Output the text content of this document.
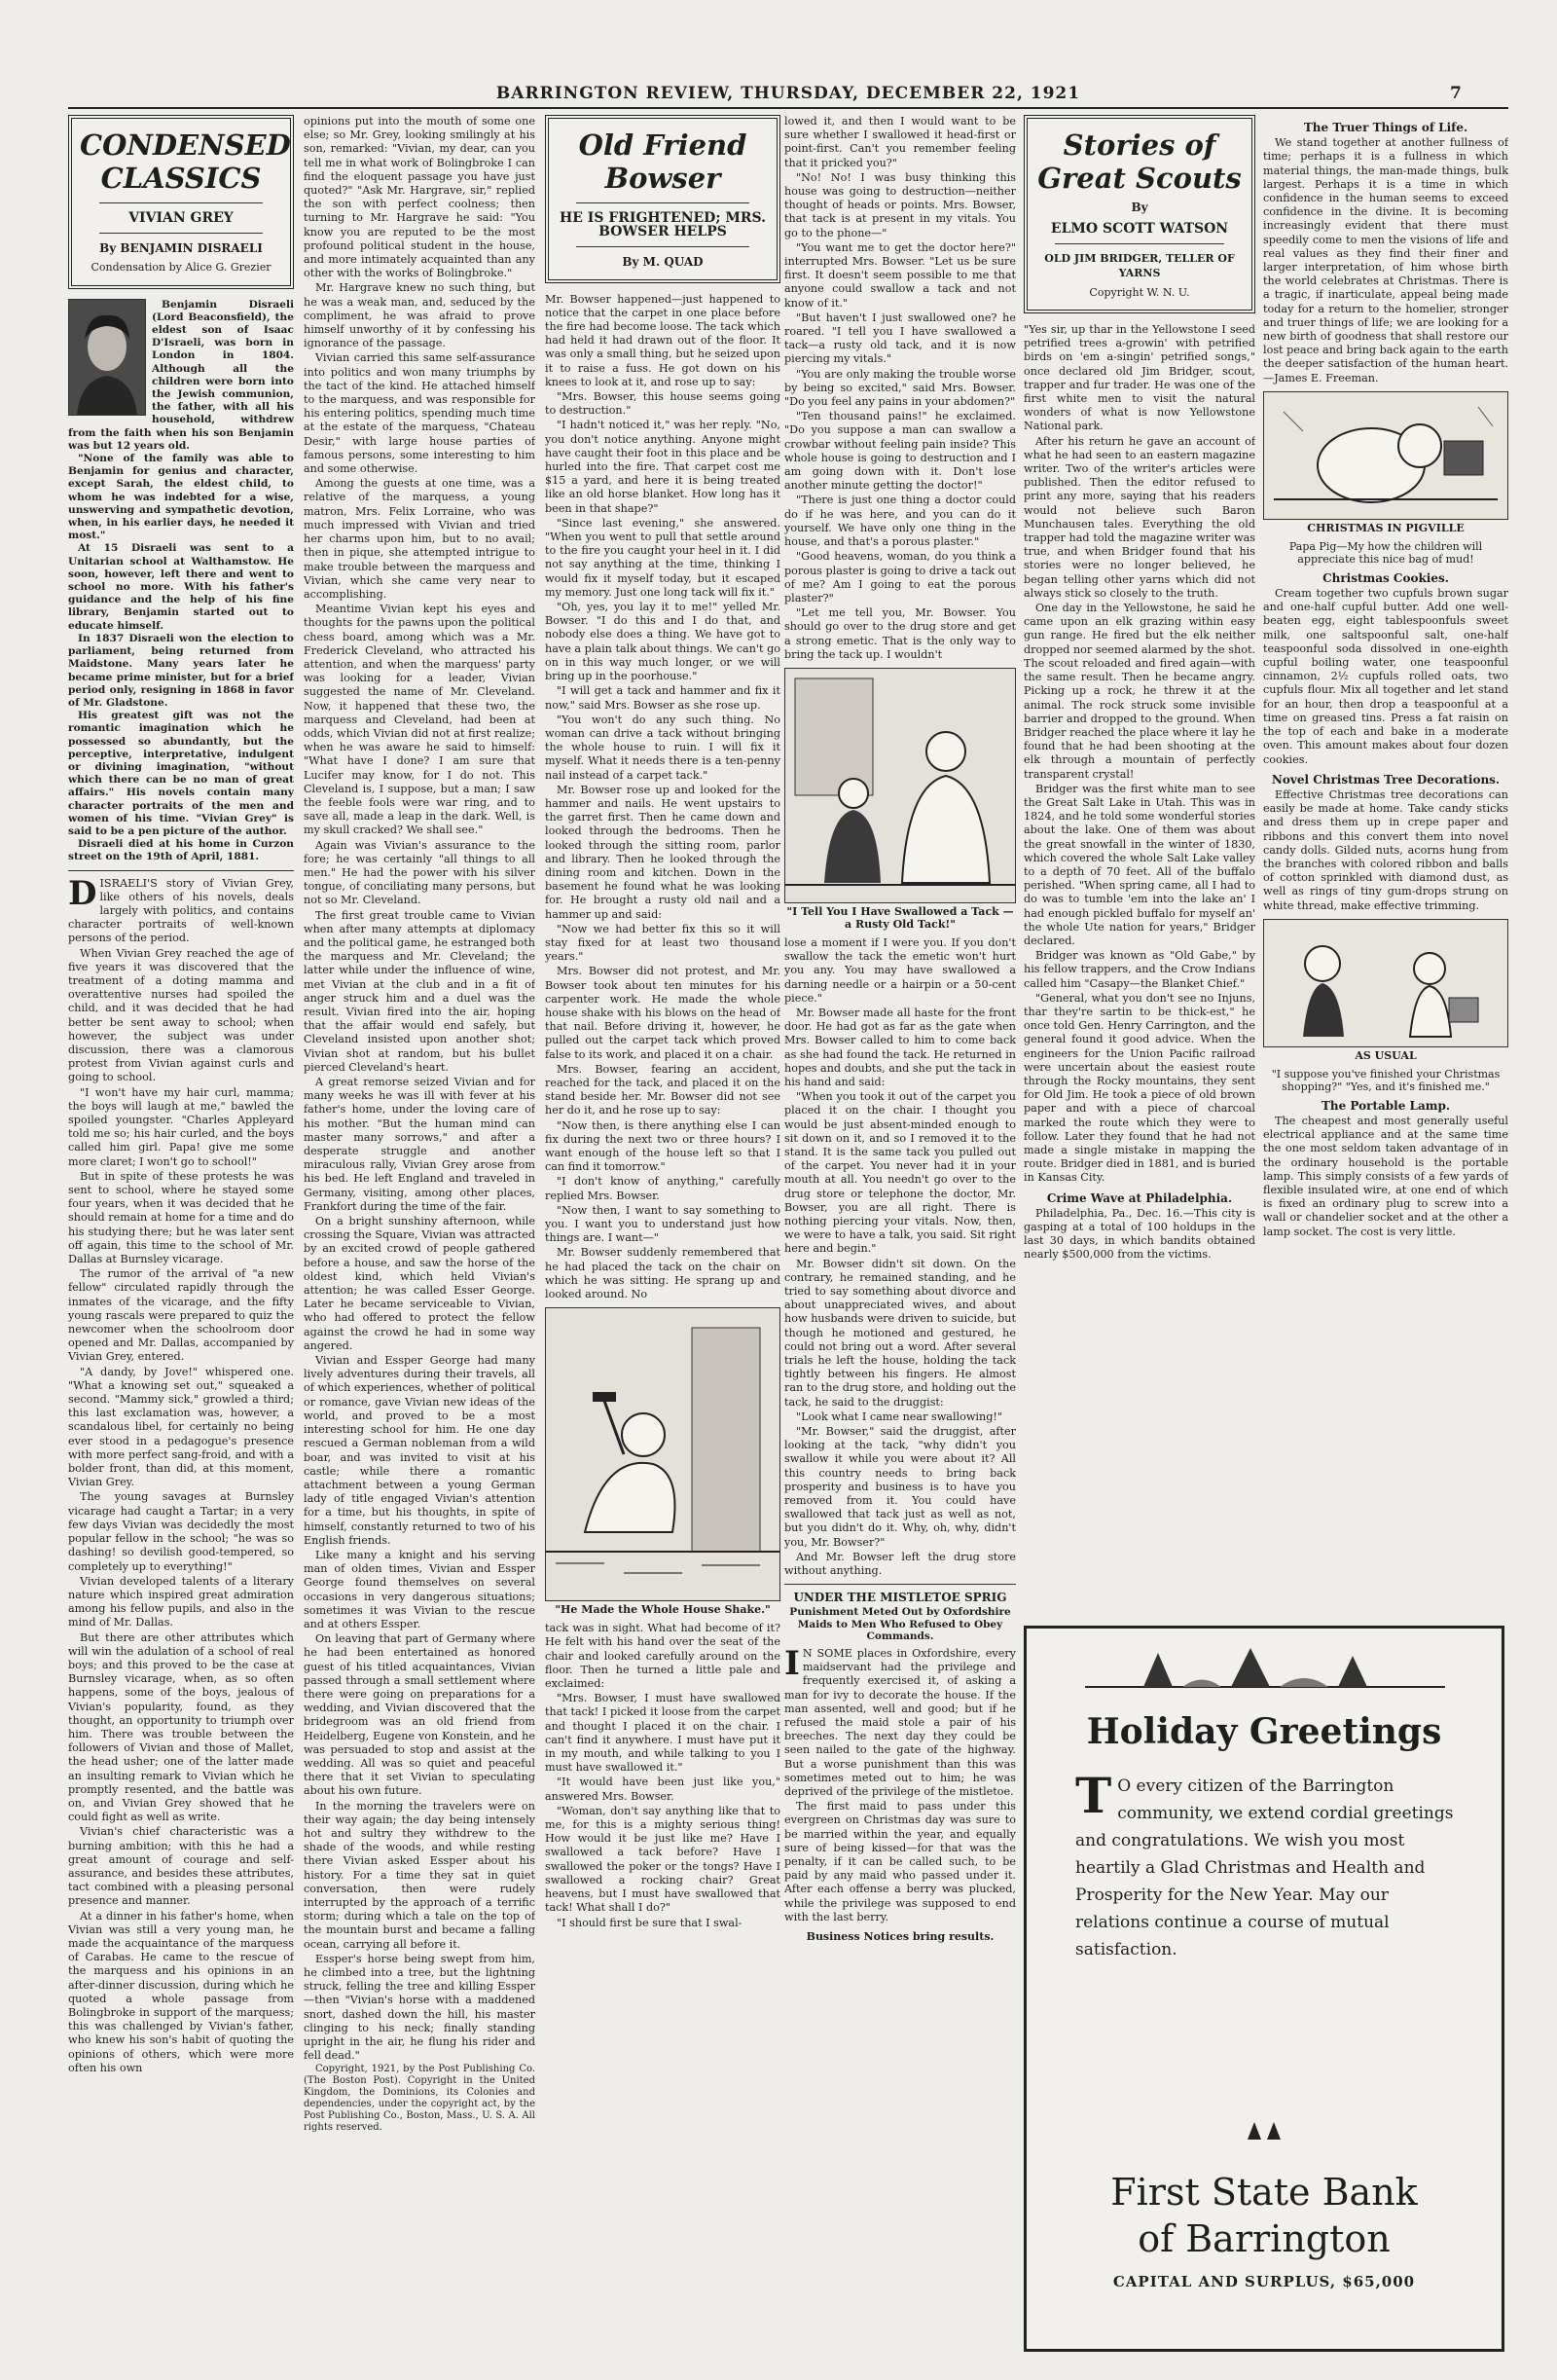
BARRINGTON REVIEW, THURSDAY, DECEMBER 22, 1921	7
CONDENSED CLASSICS
VIVIAN GREY
By BENJAMIN DISRAELI
Condensation by Alice G. Grezier

Benjamin Disraeli (Lord Beaconsfield), the eldest son of Isaac D'Israeli, was born in London in 1804. Although all the children were born into the Jewish communion, the father, with all his household, withdrew from the faith when his son Benjamin was but 12 years old.

"None of the family was able to Benjamin for genius and character, except Sarah, the eldest child, to whom he was indebted for a wise, unswerving and sympathetic devotion, when, in his earlier days, he needed it most."

At 15 Disraeli was sent to a Unitarian school at Walthamstow. He soon, however, left there and went to school no more. With his father's guidance and the help of his fine library, Benjamin started out to educate himself.

In 1837 Disraeli won the election to parliament, being returned from Maidstone. Many years later he became prime minister, but for a brief period only, resigning in 1868 in favor of Mr. Gladstone.

His greatest gift was not the romantic imagination which he possessed so abundantly, but the perceptive, interpretative, indulgent or divining imagination, "without which there can be no man of great affairs." His novels contain many character portraits of the men and women of his time. "Vivian Grey" is said to be a pen picture of the author.

Disraeli died at his home in Curzon street on the 19th of April, 1881.

D ISRAELI'S story of Vivian Grey, like others of his novels, deals largely with politics, and contains character portraits of well-known persons of the period.

When Vivian Grey reached the age of five years it was discovered that the treatment of a doting mamma and overattentive nurses had spoiled the child, and it was decided that he had better be sent away to school; when however, the subject was under discussion, there was a clamorous protest from Vivian against curls and going to school.

"I won't have my hair curl, mamma; the boys will laugh at me," bawled the spoiled youngster. "Charles Appleyard told me so; his hair curled, and the boys called him girl. Papa! give me some more claret; I won't go to school!"

But in spite of these protests he was sent to school, where he stayed some four years, when it was decided that he should remain at home for a time and do his studying there; but he was later sent off again, this time to the school of Mr. Dallas at Burnsley vicarage.

The rumor of the arrival of "a new fellow" circulated rapidly through the inmates of the vicarage, and the fifty young rascals were prepared to quiz the newcomer when the schoolroom door opened and Mr. Dallas, accompanied by Vivian Grey, entered.

"A dandy, by Jove!" whispered one. "What a knowing set out," squeaked a second. "Mammy sick," growled a third; this last exclamation was, however, a scandalous libel, for certainly no being ever stood in a pedagogue's presence with more perfect sang-froid, and with a bolder front, than did, at this moment, Vivian Grey.

The young savages at Burnsley vicarage had caught a Tartar; in a very few days Vivian was decidedly the most popular fellow in the school; "he was so dashing! so devilish good-tempered, so completely up to everything!"

Vivian developed talents of a literary nature which inspired great admiration among his fellow pupils, and also in the mind of Mr. Dallas.

But there are other attributes which will win the adulation of a school of real boys; and this proved to be the case at Burnsley vicarage, when, as so often happens, some of the boys, jealous of Vivian's popularity, found, as they thought, an opportunity to triumph over him. There was trouble between the followers of Vivian and those of Mallet, the head usher; one of the latter made an insulting remark to Vivian which he promptly resented, and the battle was on, and Vivian Grey showed that he could fight as well as write.

Vivian's chief characteristic was a burning ambition; with this he had a great amount of courage and self-assurance, and besides these attributes, tact combined with a pleasing personal presence and manner.

At a dinner in his father's home, when Vivian was still a very young man, he made the acquaintance of the marquess of Carabas. He came to the rescue of the marquess and his opinions in an after-dinner discussion, during which he quoted a whole passage from Bolingbroke in support of the marquess; this was challenged by Vivian's father, who knew his son's habit of quoting the opinions of others, which were more often his own

opinions put into the mouth of some one else; so Mr. Grey, looking smilingly at his son, remarked: "Vivian, my dear, can you tell me in what work of Bolingbroke I can find the eloquent passage you have just quoted?" "Ask Mr. Hargrave, sir," replied the son with perfect coolness; then turning to Mr. Hargrave he said: "You know you are reputed to be the most profound political student in the house, and more intimately acquainted than any other with the works of Bolingbroke."

Mr. Hargrave knew no such thing, but he was a weak man, and, seduced by the compliment, he was afraid to prove himself unworthy of it by confessing his ignorance of the passage.

Vivian carried this same self-assurance into politics and won many triumphs by the tact of the kind. He attached himself to the marquess, and was responsible for his entering politics, spending much time at the estate of the marquess, "Chateau Desir," with large house parties of famous persons, some interesting to him and some otherwise.

Among the guests at one time, was a relative of the marquess, a young matron, Mrs. Felix Lorraine, who was much impressed with Vivian and tried her charms upon him, but to no avail; then in pique, she attempted intrigue to make trouble between the marquess and Vivian, which she came very near to accomplishing.

Meantime Vivian kept his eyes and thoughts for the pawns upon the political chess board, among which was a Mr. Frederick Cleveland, who attracted his attention, and when the marquess' party was looking for a leader, Vivian suggested the name of Mr. Cleveland. Now, it happened that these two, the marquess and Cleveland, had been at odds, which Vivian did not at first realize; when he was aware he said to himself: "What have I done? I am sure that Lucifer may know, for I do not. This Cleveland is, I suppose, but a man; I saw the feeble fools were war ring, and to save all, made a leap in the dark. Well, is my skull cracked? We shall see."

Again was Vivian's assurance to the fore; he was certainly "all things to all men." He had the power with his silver tongue, of conciliating many persons, but not so Mr. Cleveland.

The first great trouble came to Vivian when after many attempts at diplomacy and the political game, he estranged both the marquess and Mr. Cleveland; the latter while under the influence of wine, met Vivian at the club and in a fit of anger struck him and a duel was the result. Vivian fired into the air, hoping that the affair would end safely, but Cleveland insisted upon another shot; Vivian shot at random, but his bullet pierced Cleveland's heart.

A great remorse seized Vivian and for many weeks he was ill with fever at his father's home, under the loving care of his mother. "But the human mind can master many sorrows," and after a desperate struggle and another miraculous rally, Vivian Grey arose from his bed. He left England and traveled in Germany, visiting, among other places, Frankfort during the time of the fair.

On a bright sunshiny afternoon, while crossing the Square, Vivian was attracted by an excited crowd of people gathered before a house, and saw the horse of the oldest kind, which held Vivian's attention; he was called Esser George. Later he became serviceable to Vivian, who had offered to protect the fellow against the crowd he had in some way angered.

Vivian and Essper George had many lively adventures during their travels, all of which experiences, whether of political or romance, gave Vivian new ideas of the world, and proved to be a most interesting school for him. He one day rescued a German nobleman from a wild boar, and was invited to visit at his castle; while there a romantic attachment between a young German lady of title engaged Vivian's attention for a time, but his thoughts, in spite of himself, constantly returned to two of his English friends.

Like many a knight and his serving man of olden times, Vivian and Essper George found themselves on several occasions in very dangerous situations; sometimes it was Vivian to the rescue and at others Essper.

On leaving that part of Germany where he had been entertained as honored guest of his titled acquaintances, Vivian passed through a small settlement where there were going on preparations for a wedding, and Vivian discovered that the bridegroom was an old friend from Heidelberg, Eugene von Konstein, and he was persuaded to stop and assist at the wedding. All was so quiet and peaceful there that it set Vivian to speculating about his own future.

In the morning the travelers were on their way again; the day being intensely hot and sultry they withdrew to the shade of the woods, and while resting there Vivian asked Essper about his history. For a time they sat in quiet conversation, then were rudely interrupted by the approach of a terrific storm; during which a tale on the top of the mountain burst and became a falling ocean, carrying all before it.

Essper's horse being swept from him, he climbed into a tree, but the lightning struck, felling the tree and killing Essper—then "Vivian's horse with a maddened snort, dashed down the hill, his master clinging to his neck; finally standing upright in the air, he flung his rider and fell dead."

Copyright, 1921, by the Post Publishing Co. (The Boston Post). Copyright in the United Kingdom, the Dominions, its Colonies and dependencies, under the copyright act, by the Post Publishing Co., Boston, Mass., U. S. A. All rights reserved.

Old Friend Bowser
HE IS FRIGHTENED; MRS. BOWSER HELPS
By M. QUAD

Mr. Bowser happened—just happened to notice that the carpet in one place before the fire had become loose. The tack which had held it had drawn out of the floor. It was only a small thing, but he seized upon it to raise a fuss. He got down on his knees to look at it, and rose up to say:

"Mrs. Bowser, this house seems going to destruction."

"I hadn't noticed it," was her reply. "No, you don't notice anything. Anyone might have caught their foot in this place and be hurled into the fire. That carpet cost me $15 a yard, and here it is being treated like an old horse blanket. How long has it been in that shape?"

"Since last evening," she answered. "When you went to pull that settle around to the fire you caught your heel in it. I did not say anything at the time, thinking I would fix it myself today, but it escaped my memory. Just one long tack will fix it."

"Oh, yes, you lay it to me!" yelled Mr. Bowser. "I do this and I do that, and nobody else does a thing. We have got to have a plain talk about things. We can't go on in this way much longer, or we will bring up in the poorhouse."

"I will get a tack and hammer and fix it now," said Mrs. Bowser as she rose up.

"You won't do any such thing. No woman can drive a tack without bringing the whole house to ruin. I will fix it myself. What it needs there is a ten-penny nail instead of a carpet tack."

Mr. Bowser rose up and looked for the hammer and nails. He went upstairs to the garret first. Then he came down and looked through the bedrooms. Then he looked through the sitting room, parlor and library. Then he looked through the dining room and kitchen. Down in the basement he found what he was looking for. He brought a rusty old nail and a hammer up and said:

"Now we had better fix this so it will stay fixed for at least two thousand years."

Mrs. Bowser did not protest, and Mr. Bowser took about ten minutes for his carpenter work. He made the whole house shake with his blows on the head of that nail. Before driving it, however, he pulled out the carpet tack which proved false to its work, and placed it on a chair.

Mrs. Bowser, fearing an accident, reached for the tack, and placed it on the stand beside her. Mr. Bowser did not see her do it, and he rose up to say:

"Now then, is there anything else I can fix during the next two or three hours? I want enough of the house left so that I can find it tomorrow."

"I don't know of anything," carefully replied Mrs. Bowser.

"Now then, I want to say something to you. I want you to understand just how things are. I want—"

Mr. Bowser suddenly remembered that he had placed the tack on the chair on which he was sitting. He sprang up and looked around. No

"He Made the Whole House Shake."

tack was in sight. What had become of it? He felt with his hand over the seat of the chair and looked carefully around on the floor. Then he turned a little pale and exclaimed:

"Mrs. Bowser, I must have swallowed that tack! I picked it loose from the carpet and thought I placed it on the chair. I can't find it anywhere. I must have put it in my mouth, and while talking to you I must have swallowed it."

"It would have been just like you," answered Mrs. Bowser.

"Woman, don't say anything like that to me, for this is a mighty serious thing! How would it be just like me? Have I swallowed a tack before? Have I swallowed the poker or the tongs? Have I swallowed a rocking chair? Great heavens, but I must have swallowed that tack! What shall I do?"

"I should first be sure that I swal-

lowed it, and then I would want to be sure whether I swallowed it head-first or point-first. Can't you remember feeling that it pricked you?"

"No! No! I was busy thinking this house was going to destruction—neither thought of heads or points. Mrs. Bowser, that tack is at present in my vitals. You go to the phone—"

"You want me to get the doctor here?" interrupted Mrs. Bowser. "Let us be sure first. It doesn't seem possible to me that anyone could swallow a tack and not know of it."

"But haven't I just swallowed one? he roared. "I tell you I have swallowed a tack—a rusty old tack, and it is now piercing my vitals."

"You are only making the trouble worse by being so excited," said Mrs. Bowser. "Do you feel any pains in your abdomen?"

"Ten thousand pains!" he exclaimed. "Do you suppose a man can swallow a crowbar without feeling pain inside? This whole house is going to destruction and I am going down with it. Don't lose another minute getting the doctor!"

"There is just one thing a doctor could do if he was here, and you can do it yourself. We have only one thing in the house, and that's a porous plaster."

"Good heavens, woman, do you think a porous plaster is going to drive a tack out of me? Am I going to eat the porous plaster?"

"Let me tell you, Mr. Bowser. You should go over to the drug store and get a strong emetic. That is the only way to bring the tack up. I wouldn't

"I Tell You I Have Swallowed a Tack —a Rusty Old Tack!"

lose a moment if I were you. If you don't swallow the tack the emetic won't hurt you any. You may have swallowed a darning needle or a hairpin or a 50-cent piece."

Mr. Bowser made all haste for the front door. He had got as far as the gate when Mrs. Bowser called to him to come back as she had found the tack. He returned in hopes and doubts, and she put the tack in his hand and said:

"When you took it out of the carpet you placed it on the chair. I thought you would be just absent-minded enough to sit down on it, and so I removed it to the stand. It is the same tack you pulled out of the carpet. You never had it in your mouth at all. You needn't go over to the drug store or telephone the doctor, Mr. Bowser, you are all right. There is nothing piercing your vitals. Now, then, we were to have a talk, you said. Sit right here and begin."

Mr. Bowser didn't sit down. On the contrary, he remained standing, and he tried to say something about divorce and about unappreciated wives, and about how husbands were driven to suicide, but though he motioned and gestured, he could not bring out a word. After several trials he left the house, holding the tack tightly between his fingers. He almost ran to the drug store, and holding out the tack, he said to the druggist:

"Look what I came near swallowing!"

"Mr. Bowser," said the druggist, after looking at the tack, "why didn't you swallow it while you were about it? All this country needs to bring back prosperity and business is to have you removed from it. You could have swallowed that tack just as well as not, but you didn't do it. Why, oh, why, didn't you, Mr. Bowser?"

And Mr. Bowser left the drug store without anything.

UNDER THE MISTLETOE SPRIG
Punishment Meted Out by Oxfordshire Maids to Men Who Refused to Obey Commands.
I N SOME places in Oxfordshire, every maidservant had the privilege and frequently exercised it, of asking a man for ivy to decorate the house. If the man assented, well and good; but if he refused the maid stole a pair of his breeches. The next day they could be seen nailed to the gate of the highway. But a worse punishment than this was sometimes meted out to him; he was deprived of the privilege of the mistletoe.

The first maid to pass under this evergreen on Christmas day was sure to be married within the year, and equally sure of being kissed—for that was the penalty, if it can be called such, to be paid by any maid who passed under it. After each offense a berry was plucked, while the privilege was supposed to end with the last berry.

Business Notices bring results.
Stories of Great Scouts
By
ELMO SCOTT WATSON
OLD JIM BRIDGER, TELLER OF YARNS
Copyright W. N. U.

"Yes sir, up thar in the Yellowstone I seed petrified trees a-growin' with petrified birds on 'em a-singin' petrified songs," once declared old Jim Bridger, scout, trapper and fur trader. He was one of the first white men to visit the natural wonders of what is now Yellowstone National park.

After his return he gave an account of what he had seen to an eastern magazine writer. Two of the writer's articles were published. Then the editor refused to print any more, saying that his readers would not believe such Baron Munchausen tales. Everything the old trapper had told the magazine writer was true, and when Bridger found that his stories were no longer believed, he began telling other yarns which did not always stick so closely to the truth.

One day in the Yellowstone, he said he came upon an elk grazing within easy gun range. He fired but the elk neither dropped nor seemed alarmed by the shot. The scout reloaded and fired again—with the same result. Then he became angry. Picking up a rock, he threw it at the animal. The rock struck some invisible barrier and dropped to the ground. When Bridger reached the place where it lay he found that he had been shooting at the elk through a mountain of perfectly transparent crystal!

Bridger was the first white man to see the Great Salt Lake in Utah. This was in 1824, and he told some wonderful stories about the lake. One of them was about the great snowfall in the winter of 1830, which covered the whole Salt Lake valley to a depth of 70 feet. All of the buffalo perished. "When spring came, all I had to do was to tumble 'em into the lake an' I had enough pickled buffalo for myself an' the whole Ute nation for years," Bridger declared.

Bridger was known as "Old Gabe," by his fellow trappers, and the Crow Indians called him "Casapy—the Blanket Chief."

"General, what you don't see no Injuns, thar they're sartin to be thick-est," he once told Gen. Henry Carrington, and the general found it good advice. When the engineers for the Union Pacific railroad were uncertain about the easiest route through the Rocky mountains, they sent for Old Jim. He took a piece of old brown paper and with a piece of charcoal marked the route which they were to follow. Later they found that he had not made a single mistake in mapping the route. Bridger died in 1881, and is buried in Kansas City.

Crime Wave at Philadelphia.

Philadelphia, Pa., Dec. 16.—This city is gasping at a total of 100 holdups in the last 30 days, in which bandits obtained nearly $500,000 from the victims.

The Truer Things of Life.

We stand together at another fullness of time; perhaps it is a fullness in which material things, the man-made things, bulk largest. Perhaps it is a time in which confidence in the human seems to exceed confidence in the divine. It is becoming increasingly evident that there must speedily come to men the visions of life and real values as they find their finer and larger interpretation, of him whose birth the world celebrates at Christmas. There is a tragic, if inarticulate, appeal being made today for a return to the homelier, stronger and truer things of life; we are looking for a new birth of goodness that shall restore our lost peace and bring back again to the earth the deeper satisfaction of the human heart.—James E. Freeman.

CHRISTMAS IN PIGVILLE
Papa Pig—My how the children will appreciate this nice bag of mud!
Christmas Cookies.

Cream together two cupfuls brown sugar and one-half cupful butter. Add one well-beaten egg, eight tablespoonfuls sweet milk, one saltspoonful salt, one-half teaspoonful soda dissolved in one-eighth cupful boiling water, one teaspoonful cinnamon, 2½ cupfuls rolled oats, two cupfuls flour. Mix all together and let stand for an hour, then drop a teaspoonful at a time on greased tins. Press a fat raisin on the top of each and bake in a moderate oven. This amount makes about four dozen cookies.

Novel Christmas Tree Decorations.

Effective Christmas tree decorations can easily be made at home. Take candy sticks and dress them up in crepe paper and ribbons and this convert them into novel candy dolls. Gilded nuts, acorns hung from the branches with colored ribbon and balls of cotton sprinkled with diamond dust, as well as rings of tiny gum-drops strung on white thread, make effective trimming.

AS USUAL
"I suppose you've finished your Christmas shopping?" "Yes, and it's finished me."
The Portable Lamp.

The cheapest and most generally useful electrical appliance and at the same time the one most seldom taken advantage of in the ordinary household is the portable lamp. This simply consists of a few yards of flexible insulated wire, at one end of which is fixed an ordinary plug to screw into a wall or chandelier socket and at the other a lamp socket. The cost is very little.

Holiday Greetings
T O every citizen of the Barrington community, we extend cordial greetings and congratulations. We wish you most heartily a Glad Christmas and Health and Prosperity for the New Year. May our relations continue a course of mutual satisfaction.
First State Bank
of Barrington
CAPITAL AND SURPLUS, $65,000
